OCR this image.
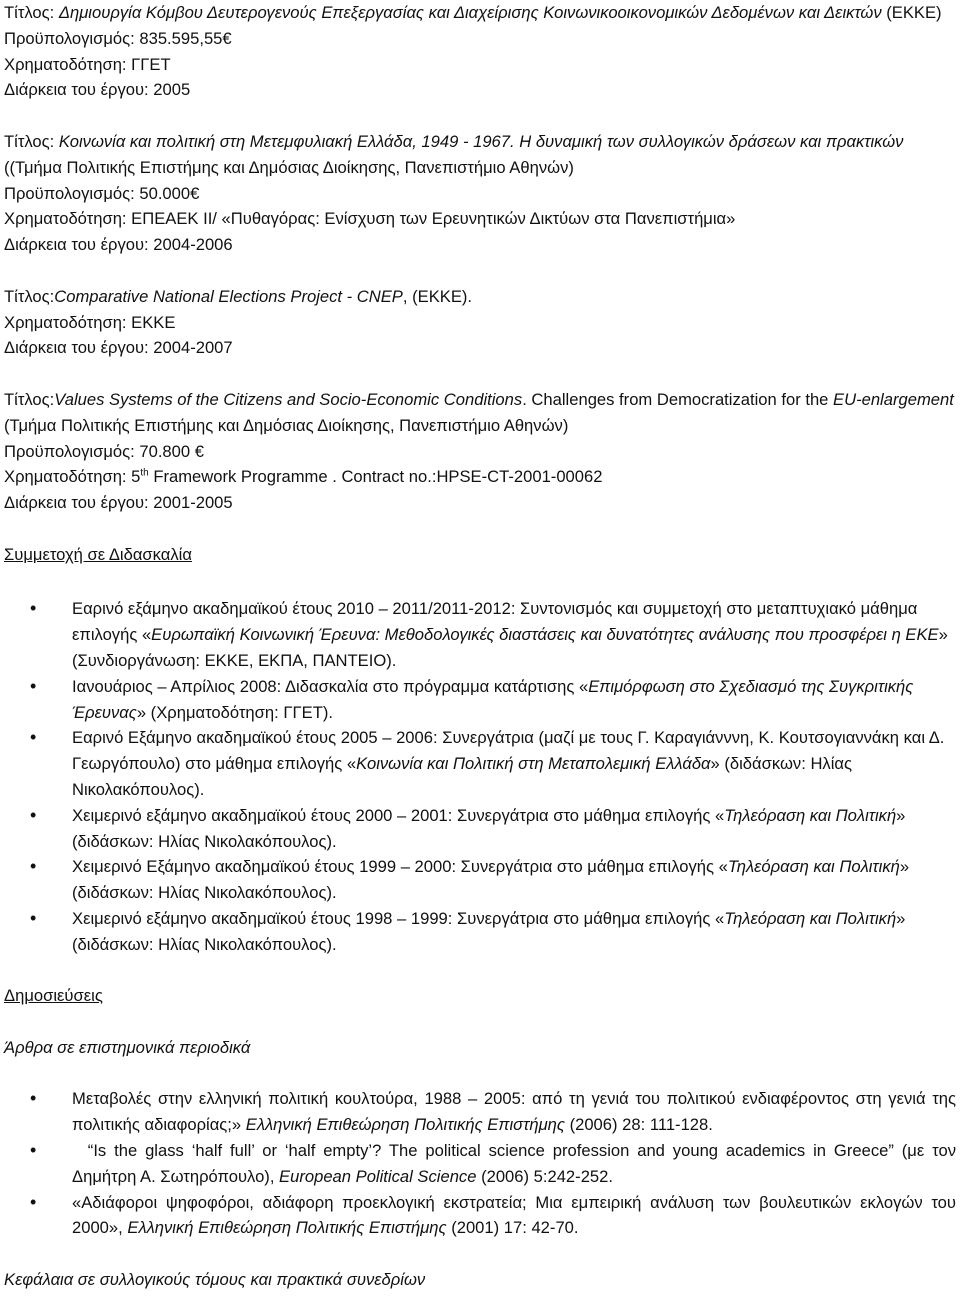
Τίτλος: Δημιουργία Κόμβου Δευτερογενούς Επεξεργασίας και Διαχείρισης Κοινωνικοοικονομικών Δεδομένων και Δεικτών (ΕΚΚΕ)

Προϋπολογισμός: 835.595,55€

Χρηματοδότηση: ΓΓΕΤ

Διάρκεια του έργου: 2005

Τίτλος: Κοινωνία και πολιτική στη Μετεμφυλιακή Ελλάδα, 1949 - 1967. Η δυναμική των συλλογικών δράσεων και πρακτικών ((Τμήμα Πολιτικής Επιστήμης και Δημόσιας Διοίκησης, Πανεπιστήμιο Αθηνών)

Προϋπολογισμός: 50.000€

Χρηματοδότηση: ΕΠΕΑΕΚ ΙΙ/ «Πυθαγόρας: Ενίσχυση των Ερευνητικών Δικτύων στα Πανεπιστήμια»

Διάρκεια του έργου: 2004-2006

Τίτλος:Comparative National Elections Project - CNEP, (ΕΚΚΕ).

Χρηματοδότηση: ΕΚΚΕ

Διάρκεια του έργου: 2004-2007

Τίτλος:Values Systems of the Citizens and Socio-Economic Conditions. Challenges from Democratization for the EU-enlargement (Τμήμα Πολιτικής Επιστήμης και Δημόσιας Διοίκησης, Πανεπιστήμιο Αθηνών)

Προϋπολογισμός: 70.800 €

Χρηματοδότηση: 5th Framework Programme . Contract no.:HPSE-CT-2001-00062

Διάρκεια του έργου: 2001-2005

Συμμετοχή σε Διδασκαλία

• Εαρινό εξάμηνο ακαδημαϊκού έτους 2010 – 2011/2011-2012: Συντονισμός και συμμετοχή στο μεταπτυχιακό μάθημα επιλογής «Ευρωπαϊκή Κοινωνική Έρευνα: Μεθοδολογικές διαστάσεις και δυνατότητες ανάλυσης που προσφέρει η ΕΚΕ» (Συνδιοργάνωση: ΕΚΚΕ, ΕΚΠΑ, ΠΑΝΤΕΙΟ).
• Ιανουάριος – Απρίλιος 2008: Διδασκαλία στο πρόγραμμα κατάρτισης «Επιμόρφωση στο Σχεδιασμό της Συγκριτικής Έρευνας» (Χρηματοδότηση: ΓΓΕΤ).
• Εαρινό Εξάμηνο ακαδημαϊκού έτους 2005 – 2006: Συνεργάτρια (μαζί με τους Γ. Καραγιάνννη, Κ. Κουτσογιαννάκη και Δ. Γεωργόπουλο) στο μάθημα επιλογής «Κοινωνία και Πολιτική στη Μεταπολεμική Ελλάδα» (διδάσκων: Ηλίας Νικολακόπουλος).
• Χειμερινό εξάμηνο ακαδημαϊκού έτους 2000 – 2001: Συνεργάτρια στο μάθημα επιλογής «Τηλεόραση και Πολιτική» (διδάσκων: Ηλίας Νικολακόπουλος).
• Χειμερινό Εξάμηνο ακαδημαϊκού έτους 1999 – 2000: Συνεργάτρια στο μάθημα επιλογής «Τηλεόραση και Πολιτική» (διδάσκων: Ηλίας Νικολακόπουλος).
• Χειμερινό εξάμηνο ακαδημαϊκού έτους 1998 – 1999: Συνεργάτρια στο μάθημα επιλογής «Τηλεόραση και Πολιτική» (διδάσκων: Ηλίας Νικολακόπουλος).

Δημοσιεύσεις

Άρθρα σε επιστημονικά περιοδικά

• Μεταβολές στην ελληνική πολιτική κουλτούρα, 1988 – 2005: από τη γενιά του πολιτικού ενδιαφέροντος στη γενιά της πολιτικής αδιαφορίας;» Ελληνική Επιθεώρηση Πολιτικής Επιστήμης (2006) 28: 111-128.
•   “Is the glass ‘half full’ or ‘half empty’? The political science profession and young academics in Greece” (με τον Δημήτρη Α. Σωτηρόπουλο), European Political Science (2006) 5:242-252.
• «Αδιάφοροι ψηφοφόροι, αδιάφορη προεκλογική εκστρατεία; Μια εμπειρική ανάλυση των βουλευτικών εκλογών του 2000», Ελληνική Επιθεώρηση Πολιτικής Επιστήμης (2001) 17: 42-70.

Κεφάλαια σε συλλογικούς τόμους και πρακτικά συνεδρίων
